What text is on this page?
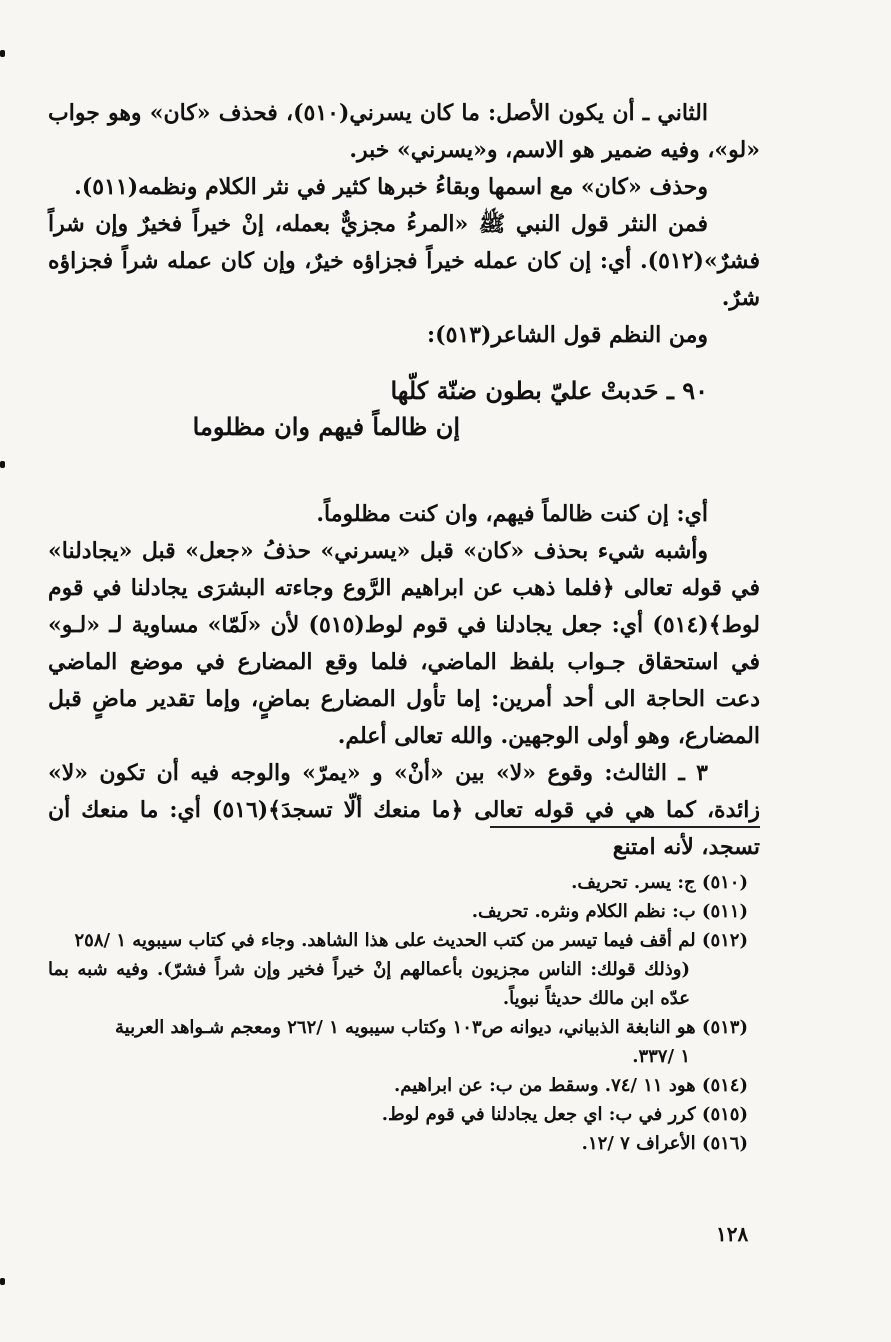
الثاني ـ أن يكون الأصل: ما كان يسرني(٥١٠)، فحذف «كان» وهو جواب «لو»، وفيه ضمير هو الاسم، و«يسرني» خبر.

وحذف «كان» مع اسمها وبقاءُ خبرها كثير في نثر الكلام ونظمه(٥١١).

فمن النثر قول النبي ﷺ «المرءُ مجزيٌّ بعمله، إنْ خيراً فخيرٌ وإن شراً فشرٌ»(٥١٢). أي: إن كان عمله خيراً فجزاؤه خيرٌ، وإن كان عمله شراً فجزاؤه شرٌ.

ومن النظم قول الشاعر(٥١٣):

٩٠ ـ حَدبتْ عليّ بطون ضنّة كلّها
إن ظالماً فيهم وان مظلوما

أي: إن كنت ظالماً فيهم، وان كنت مظلوماً.

وأشبه شيء بحذف «كان» قبل «يسرني» حذفُ «جعل» قبل «يجادلنا» في قوله تعالى ﴿فلما ذهب عن ابراهيم الرَّوع وجاءته البشرَى يجادلنا في قوم لوط﴾(٥١٤) أي: جعل يجادلنا في قوم لوط(٥١٥) لأن «لَمّا» مساوية لـ «لـو» في استحقاق جـواب بلفظ الماضي، فلما وقع المضارع في موضع الماضي دعت الحاجة الى أحد أمرين: إما تأول المضارع بماضٍ، وإما تقدير ماضٍ قبل المضارع، وهو أولى الوجهين. والله تعالى أعلم.

٣ ـ الثالث: وقوع «لا» بين «أنْ» و «يمرّ» والوجه فيه أن تكون «لا» زائدة، كما هي في قوله تعالى ﴿ما منعك ألّا تسجدَ﴾(٥١٦) أي: ما منعك أن تسجد، لأنه امتنع

(٥١٠) ج: يسر. تحريف.

(٥١١) ب: نظم الكلام ونثره. تحريف.

(٥١٢) لم أقف فيما تيسر من كتب الحديث على هذا الشاهد. وجاء في كتاب سيبويه ١ /٢٥٨
(وذلك قولك: الناس مجزيون بأعمالهم إنْ خيراً فخير وإن شراً فشرّ). وفيه شبه بما عدّه ابن مالك حديثاً نبوياً.

(٥١٣) هو النابغة الذبياني، ديوانه ص١٠٣ وكتاب سيبويه ١ /٢٦٢ ومعجم شـواهد العربية
١ /٣٣٧.

(٥١٤) هود ١١ /٧٤. وسقط من ب: عن ابراهيم.

(٥١٥) كرر في ب: اي جعل يجادلنا في قوم لوط.

(٥١٦) الأعراف ٧ /١٢.

١٢٨
